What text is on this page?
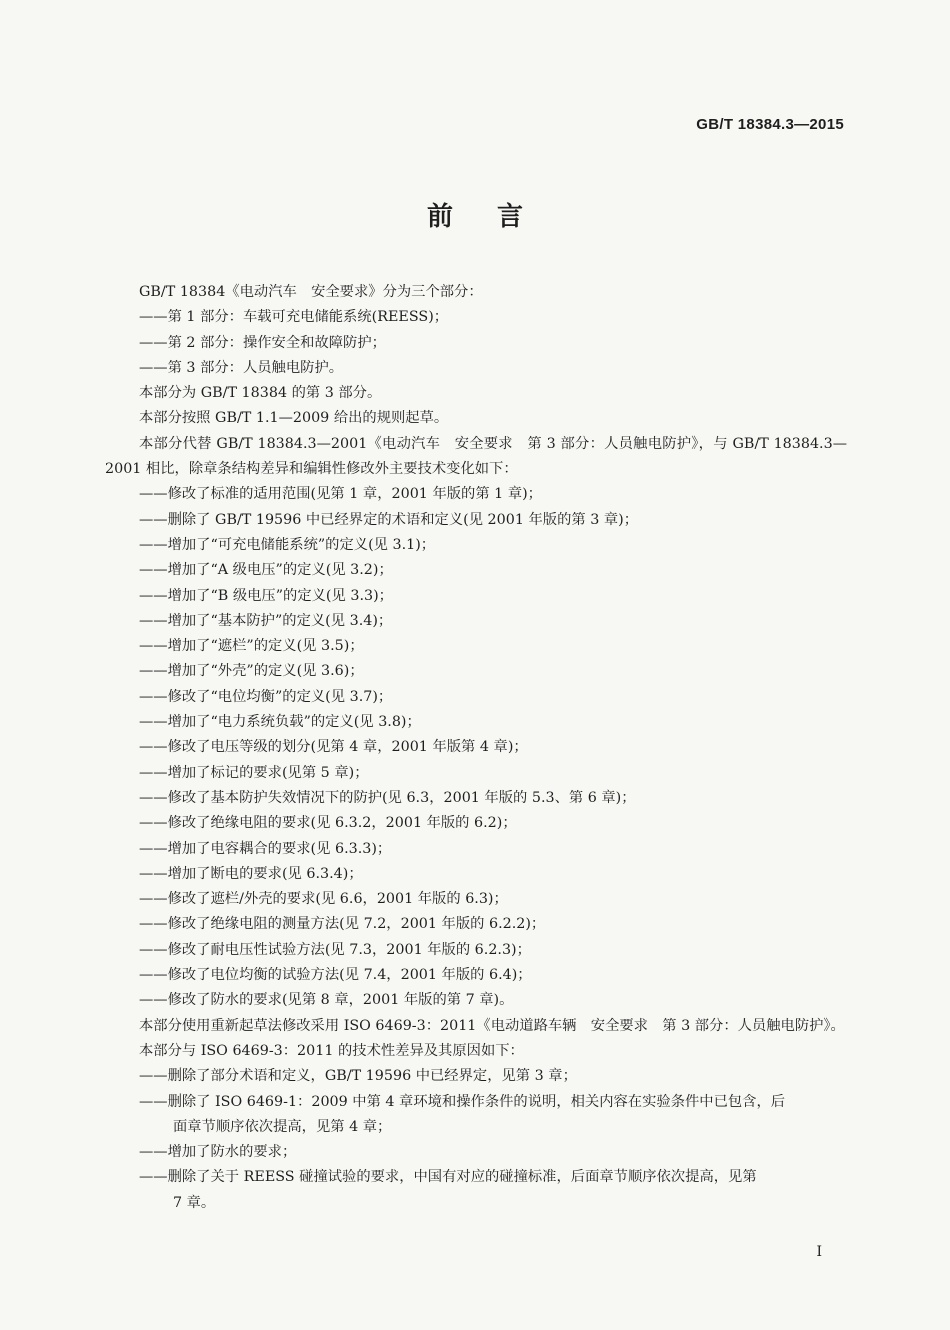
GB/T 18384.3—2015
前言

GB/T 18384《电动汽车　安全要求》分为三个部分：

——第 1 部分：车载可充电储能系统(REESS)；

——第 2 部分：操作安全和故障防护；

——第 3 部分：人员触电防护。

本部分为 GB/T 18384 的第 3 部分。

本部分按照 GB/T 1.1—2009 给出的规则起草。

本部分代替 GB/T 18384.3—2001《电动汽车　安全要求　第 3 部分：人员触电防护》，与 GB/T 18384.3—2001 相比，除章条结构差异和编辑性修改外主要技术变化如下：

——修改了标准的适用范围(见第 1 章，2001 年版的第 1 章)；

——删除了 GB/T 19596 中已经界定的术语和定义(见 2001 年版的第 3 章)；

——增加了“可充电储能系统”的定义(见 3.1)；

——增加了“A 级电压”的定义(见 3.2)；

——增加了“B 级电压”的定义(见 3.3)；

——增加了“基本防护”的定义(见 3.4)；

——增加了“遮栏”的定义(见 3.5)；

——增加了“外壳”的定义(见 3.6)；

——修改了“电位均衡”的定义(见 3.7)；

——增加了“电力系统负载”的定义(见 3.8)；

——修改了电压等级的划分(见第 4 章，2001 年版第 4 章)；

——增加了标记的要求(见第 5 章)；

——修改了基本防护失效情况下的防护(见 6.3，2001 年版的 5.3、第 6 章)；

——修改了绝缘电阻的要求(见 6.3.2，2001 年版的 6.2)；

——增加了电容耦合的要求(见 6.3.3)；

——增加了断电的要求(见 6.3.4)；

——修改了遮栏/外壳的要求(见 6.6，2001 年版的 6.3)；

——修改了绝缘电阻的测量方法(见 7.2，2001 年版的 6.2.2)；

——修改了耐电压性试验方法(见 7.3，2001 年版的 6.2.3)；

——修改了电位均衡的试验方法(见 7.4，2001 年版的 6.4)；

——修改了防水的要求(见第 8 章，2001 年版的第 7 章)。

本部分使用重新起草法修改采用 ISO 6469-3：2011《电动道路车辆　安全要求　第 3 部分：人员触电防护》。

本部分与 ISO 6469-3：2011 的技术性差异及其原因如下：

——删除了部分术语和定义，GB/T 19596 中已经界定，见第 3 章；
——删除了 ISO 6469-1：2009 中第 4 章环境和操作条件的说明，相关内容在实验条件中已包含，后
面章节顺序依次提高，见第 4 章；
——增加了防水的要求；
——删除了关于 REESS 碰撞试验的要求，中国有对应的碰撞标准，后面章节顺序依次提高，见第
7 章。
I
